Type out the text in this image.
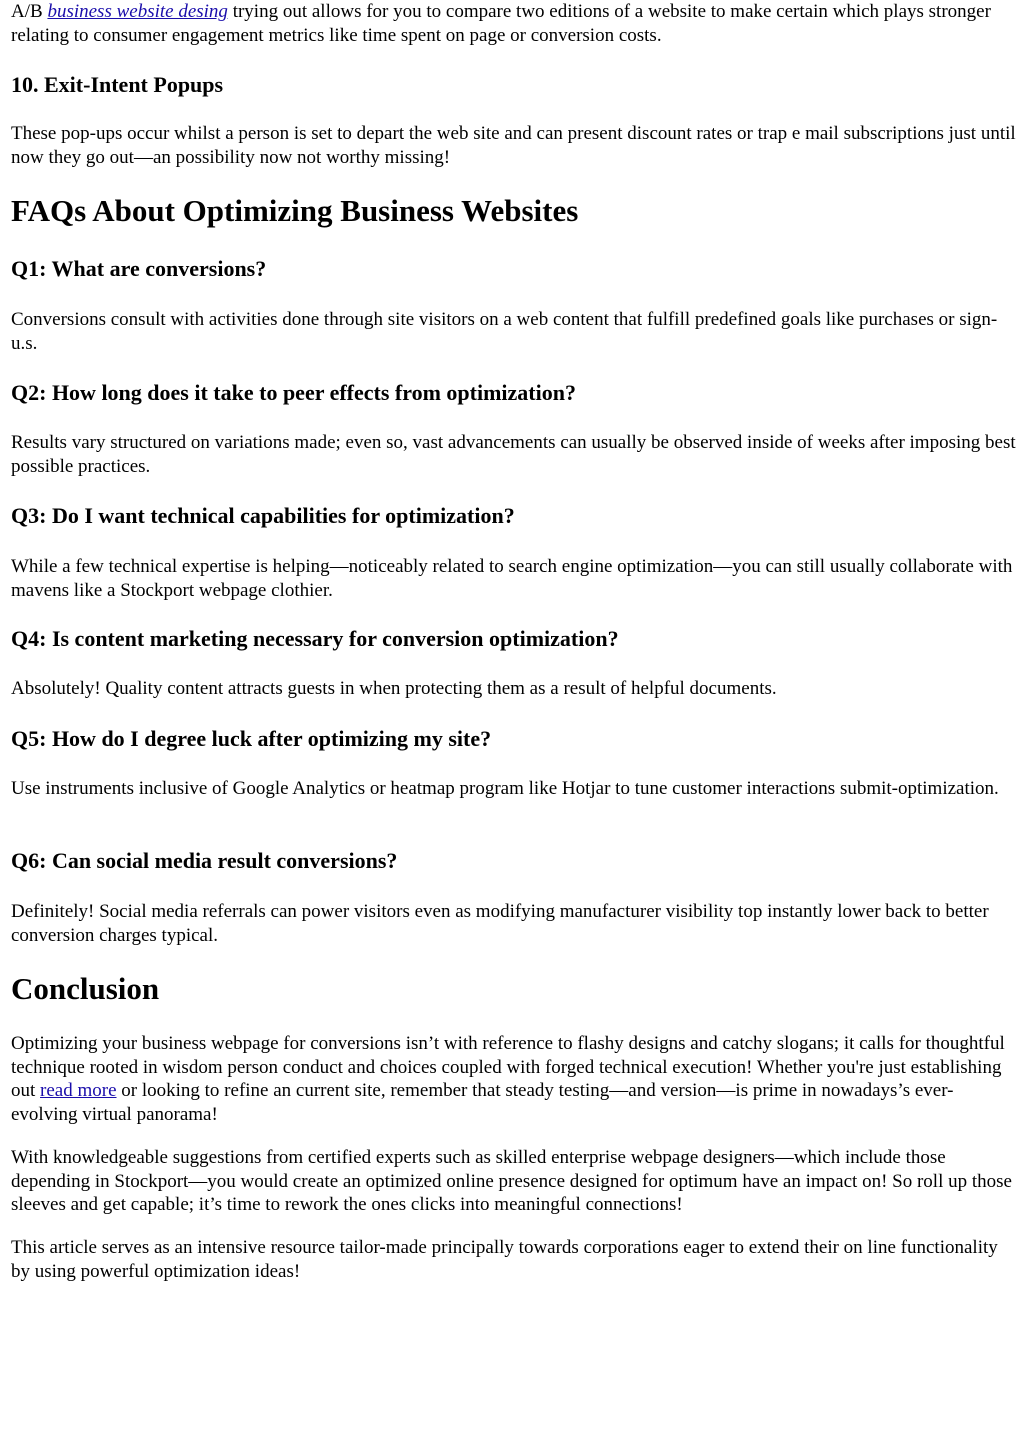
A/B business website desing trying out allows for you to compare two editions of a website to make certain which plays stronger relating to consumer engagement metrics like time spent on page or conversion costs.

10. Exit-Intent Popups

These pop-ups occur whilst a person is set to depart the web site and can present discount rates or trap e mail subscriptions just until now they go out—an possibility now not worthy missing!

FAQs About Optimizing Business Websites
Q1: What are conversions?

Conversions consult with activities done through site visitors on a web content that fulfill predefined goals like purchases or sign-u.s.

Q2: How long does it take to peer effects from optimization?

Results vary structured on variations made; even so, vast advancements can usually be observed inside of weeks after imposing best possible practices.

Q3: Do I want technical capabilities for optimization?

While a few technical expertise is helping—noticeably related to search engine optimization—you can still usually collaborate with mavens like a Stockport webpage clothier.

Q4: Is content marketing necessary for conversion optimization?

Absolutely! Quality content attracts guests in when protecting them as a result of helpful documents.

Q5: How do I degree luck after optimizing my site?

Use instruments inclusive of Google Analytics or heatmap program like Hotjar to tune customer interactions submit-optimization.

Q6: Can social media result conversions?

Definitely! Social media referrals can power visitors even as modifying manufacturer visibility top instantly lower back to better conversion charges typical.

Conclusion

Optimizing your business webpage for conversions isn’t with reference to flashy designs and catchy slogans; it calls for thoughtful technique rooted in wisdom person conduct and choices coupled with forged technical execution! Whether you're just establishing out read more or looking to refine an current site, remember that steady testing—and version—is prime in nowadays’s ever-evolving virtual panorama!

With knowledgeable suggestions from certified experts such as skilled enterprise webpage designers—which include those depending in Stockport—you would create an optimized online presence designed for optimum have an impact on! So roll up those sleeves and get capable; it’s time to rework the ones clicks into meaningful connections!

This article serves as an intensive resource tailor-made principally towards corporations eager to extend their on line functionality by using powerful optimization ideas!
